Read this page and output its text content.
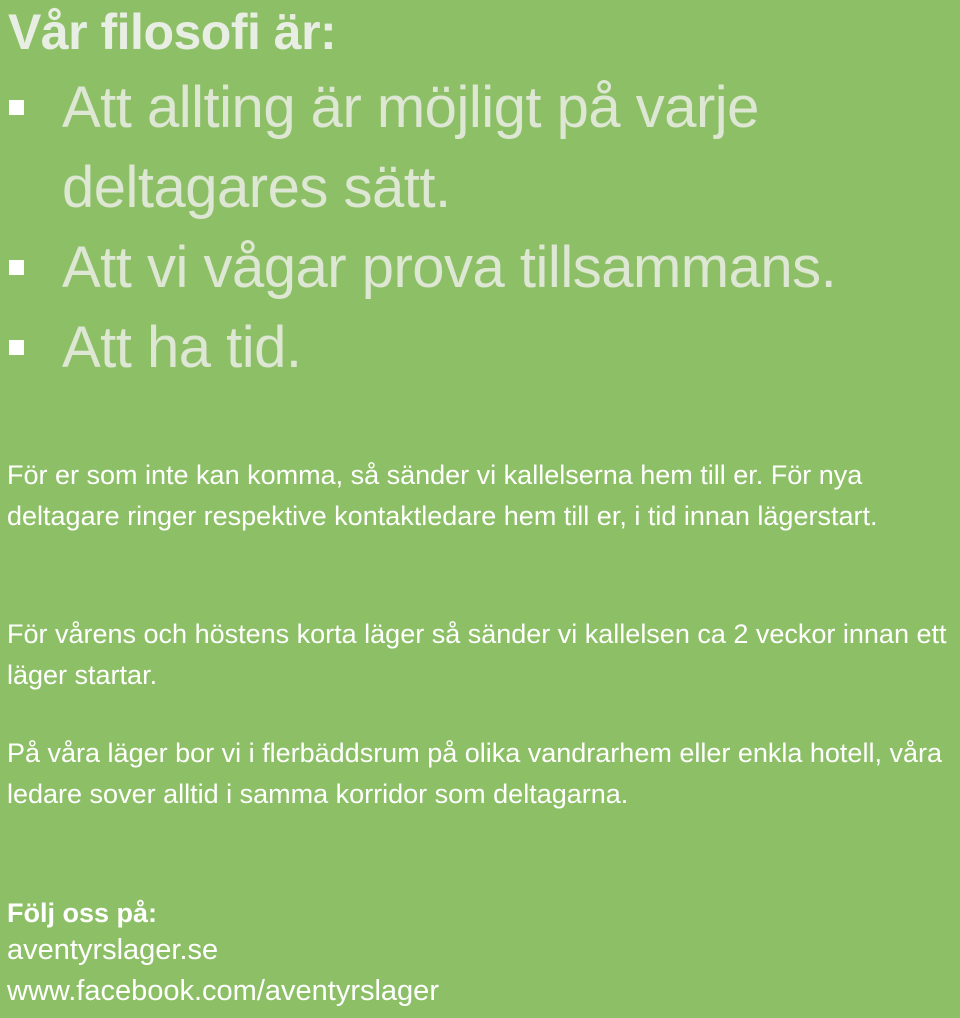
Vår filosofi är:
Att allting är möjligt på varje deltagares sätt.
Att vi vågar prova tillsammans.
Att ha tid.

För er som inte kan komma, så sänder vi kallelserna hem till er. För nya deltagare ringer respektive kontaktledare hem till er, i tid innan lägerstart.

För vårens och höstens korta läger så sänder vi kallelsen ca 2 veckor innan ett läger startar.

På våra läger bor vi i flerbäddsrum på olika vandrarhem eller enkla hotell, våra ledare sover alltid i samma korridor som deltagarna.

Följ oss på:

aventyrslager.se
www.facebook.com/aventyrslager
